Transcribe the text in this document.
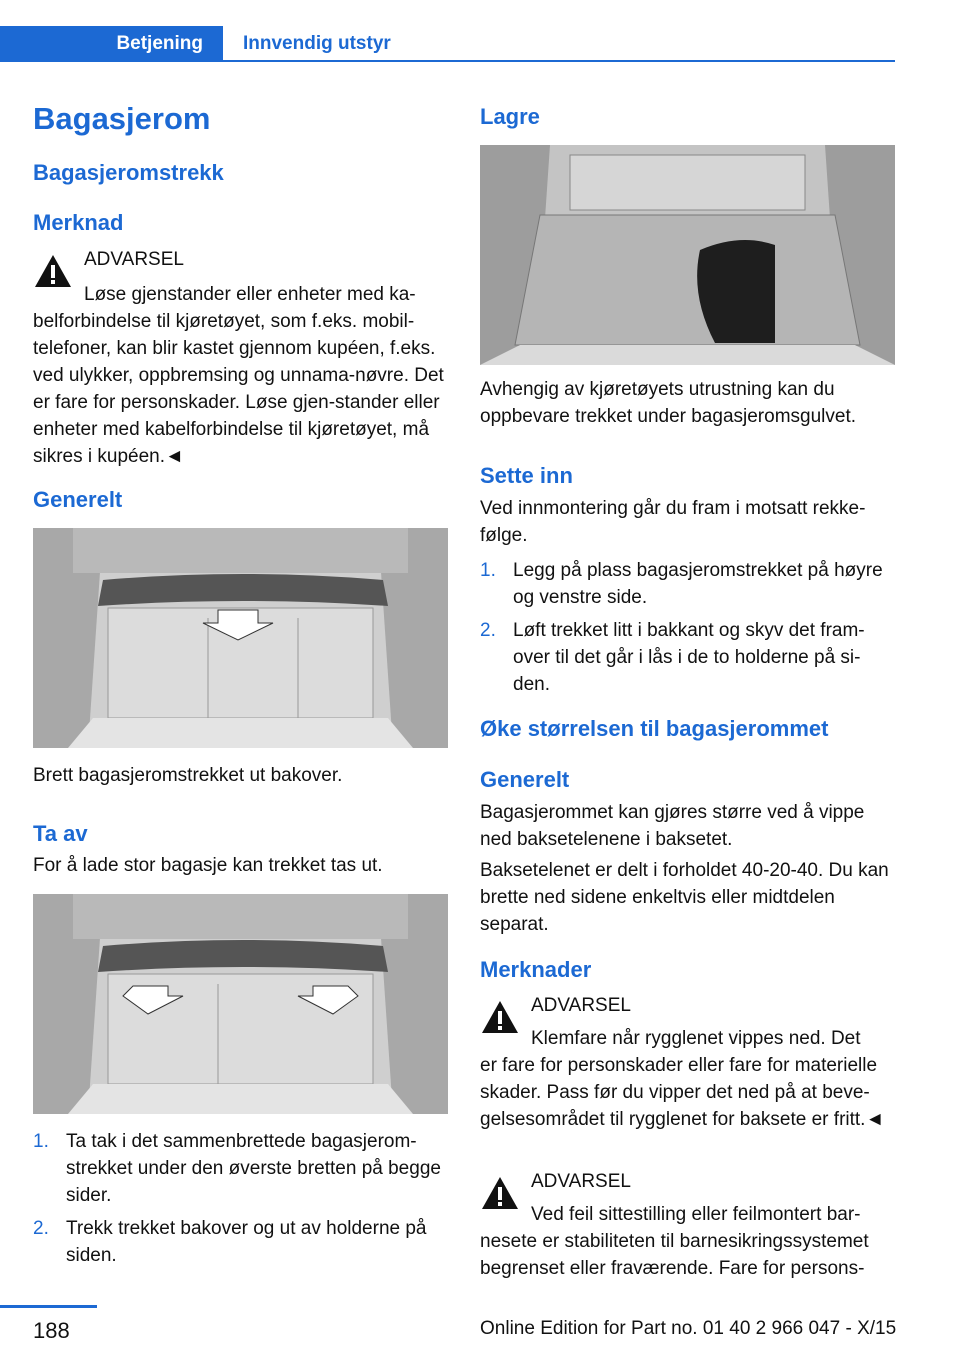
Betjening	Innvendig utstyr
Bagasjerom
Bagasjeromstrekk
Merknad
ADVARSEL
Løse gjenstander eller enheter med ka-
belforbindelse til kjøretøyet, som f.eks. mobil-telefoner, kan blir kastet gjennom kupéen, f.eks. ved ulykker, oppbremsing og unnama-nøvre. Det er fare for personskader. Løse gjen-stander eller enheter med kabelforbindelse til kjøretøyet, må sikres i kupéen.◄
Generelt
Brett bagasjeromstrekket ut bakover.
Ta av
For å lade stor bagasje kan trekket tas ut.
1. Ta tak i det sammenbrettede bagasjerom-strekket under den øverste bretten på begge sider.
2. Trekk trekket bakover og ut av holderne på siden.
Lagre
Avhengig av kjøretøyets utrustning kan du oppbevare trekket under bagasjeromsgulvet.
Sette inn
Ved innmontering går du fram i motsatt rekke-følge.
1. Legg på plass bagasjeromstrekket på høyre og venstre side.
2. Løft trekket litt i bakkant og skyv det fram-over til det går i lås i de to holderne på si-den.
Øke størrelsen til bagasjerommet
Generelt
Bagasjerommet kan gjøres større ved å vippe ned baksetelenene i baksetet.
Baksetelenet er delt i forholdet 40-20-40. Du kan brette ned sidene enkeltvis eller midtdelen separat.
Merknader
ADVARSEL
Klemfare når rygglenet vippes ned. Det
er fare for personskader eller fare for materielle skader. Pass før du vipper det ned på at beve-gelsesområdet til rygglenet for baksete er fritt.◄
ADVARSEL
Ved feil sittestilling eller feilmontert bar-
nesete er stabiliteten til barnesikringssystemet begrenset eller fraværende. Fare for persons-
188	Online Edition for Part no. 01 40 2 966 047 - X/15
